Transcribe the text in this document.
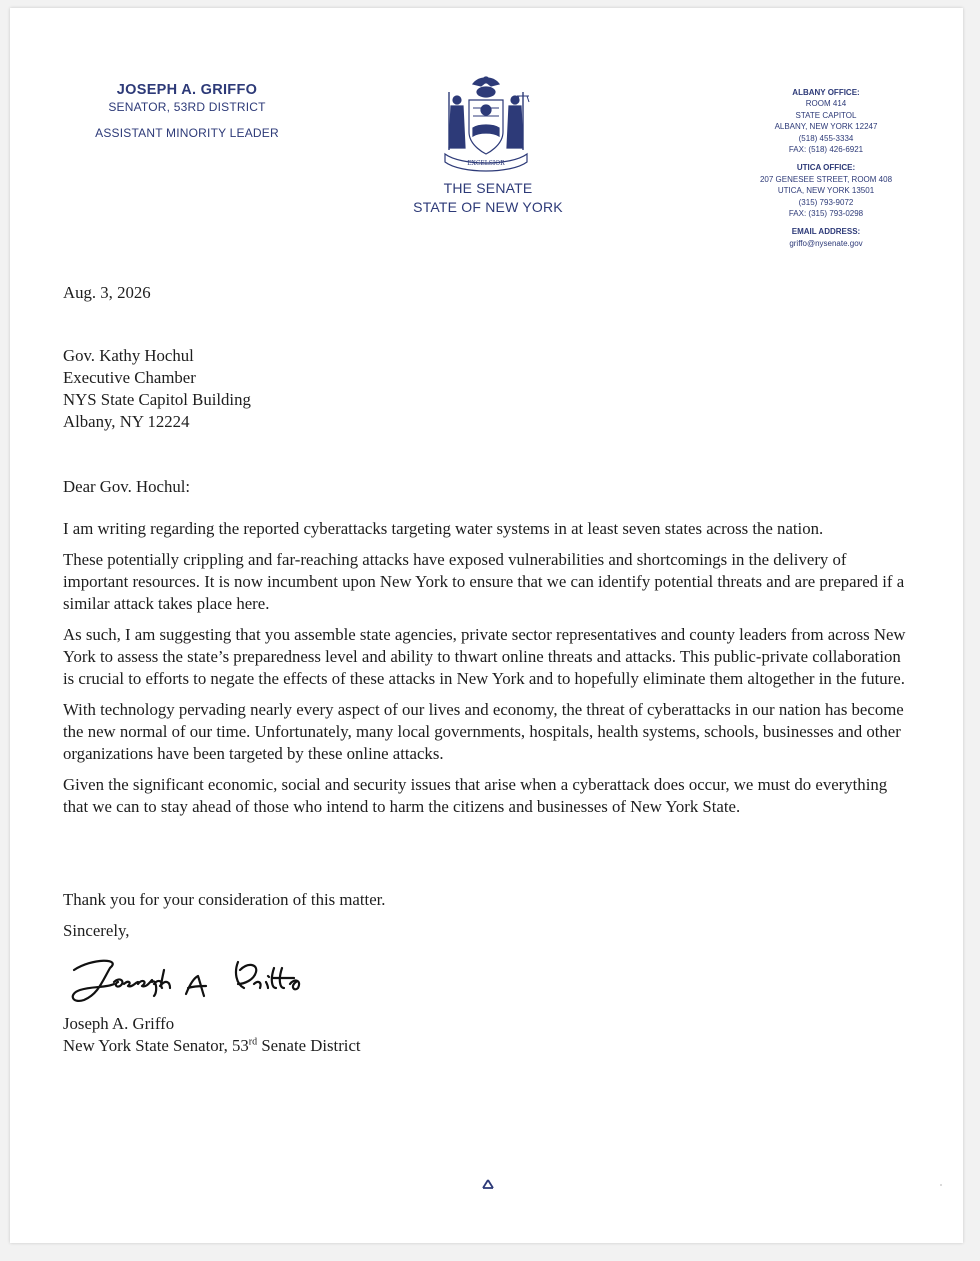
JOSEPH A. GRIFFO
SENATOR, 53RD DISTRICT
ASSISTANT MINORITY LEADER
EXCELSIOR
THE SENATE
STATE OF NEW YORK
ALBANY OFFICE:
ROOM 414
STATE CAPITOL
ALBANY, NEW YORK 12247
(518) 455-3334
FAX: (518) 426-6921
UTICA OFFICE:
207 GENESEE STREET, ROOM 408
UTICA, NEW YORK 13501
(315) 793-9072
FAX: (315) 793-0298
EMAIL ADDRESS:
griffo@nysenate.gov
Aug. 3, 2026
Gov. Kathy Hochul
Executive Chamber
NYS State Capitol Building
Albany, NY 12224
Dear Gov. Hochul:

I am writing regarding the reported cyberattacks targeting water systems in at least seven states across the nation.

These potentially crippling and far-reaching attacks have exposed vulnerabilities and shortcomings in the delivery of important resources. It is now incumbent upon New York to ensure that we can identify potential threats and are prepared if a similar attack takes place here.

As such, I am suggesting that you assemble state agencies, private sector representatives and county leaders from across New York to assess the state’s preparedness level and ability to thwart online threats and attacks. This public-private collaboration is crucial to efforts to negate the effects of these attacks in New York and to hopefully eliminate them altogether in the future.

With technology pervading nearly every aspect of our lives and economy, the threat of cyberattacks in our nation has become the new normal of our time. Unfortunately, many local governments, hospitals, health systems, schools, businesses and other organizations have been targeted by these online attacks.

Given the significant economic, social and security issues that arise when a cyberattack does occur, we must do everything that we can to stay ahead of those who intend to harm the citizens and businesses of New York State.

Thank you for your consideration of this matter.
Sincerely,
Joseph A. Griffo
New York State Senator, 53rd Senate District
